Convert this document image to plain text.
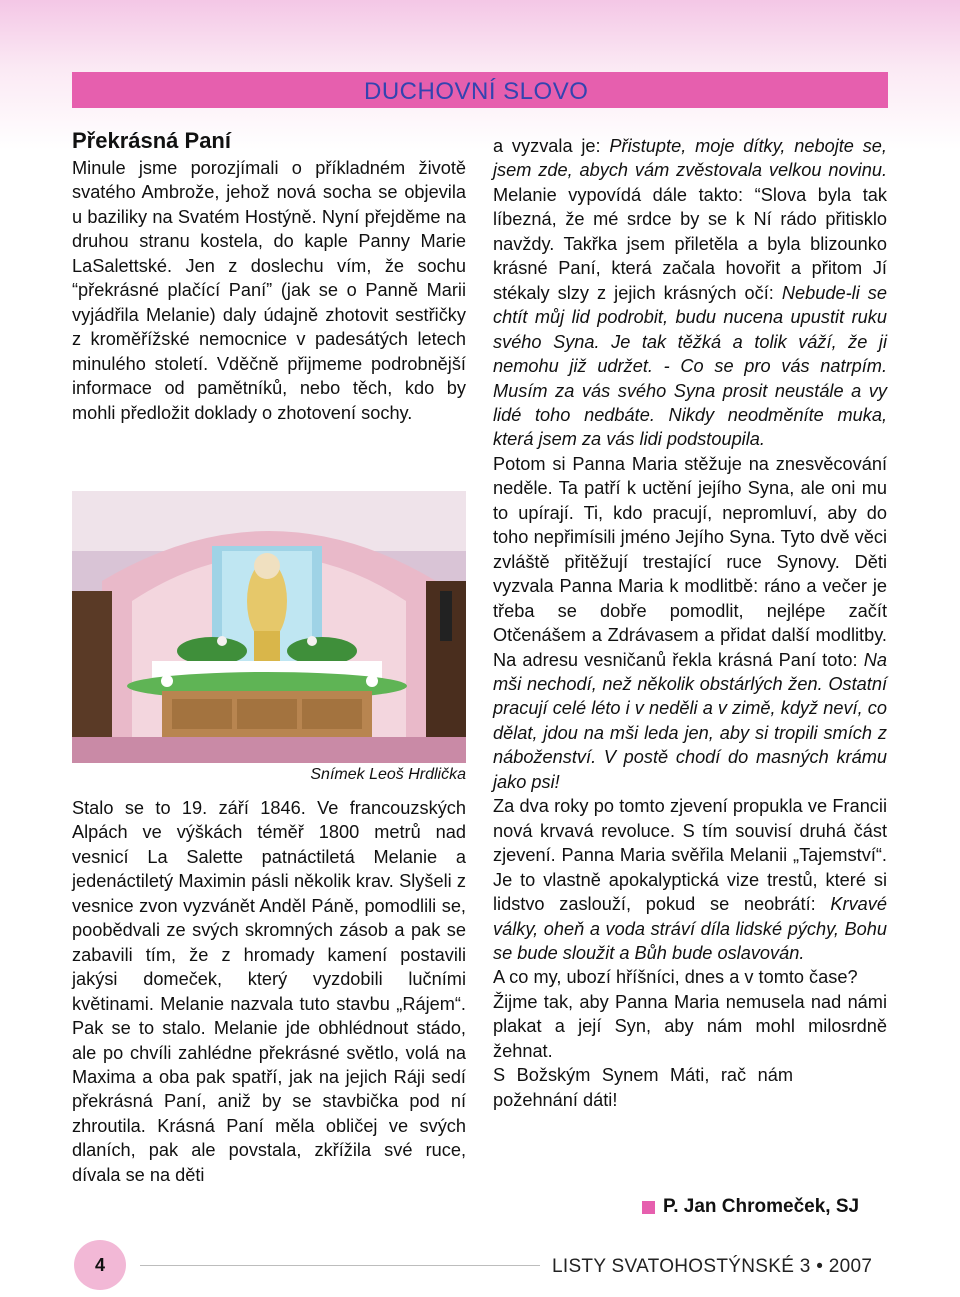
DUCHOVNÍ SLOVO
Překrásná Paní

Minule jsme porozjímali o příkladném životě svatého Ambrože, jehož nová socha se objevila u baziliky na Svatém Hostýně. Nyní přejděme na druhou stranu kostela, do kaple Panny Marie LaSalettské. Jen z doslechu vím, že sochu “překrásné plačící Paní” (jak se o Panně Marii vyjádřila Melanie) daly údajně zhotovit sestřičky z kroměřížské nemocnice v padesátých letech minulého století. Vděčně přijmeme podrobnější informace od pamětníků, nebo těch, kdo by mohli předložit doklady o zhotovení sochy.

Snímek Leoš Hrdlička

Stalo se to 19. září 1846. Ve francouzských Alpách ve výškách téměř 1800 metrů nad vesnicí La Salette patnáctiletá Melanie a jedenáctiletý Maximin pásli několik krav. Slyšeli z vesnice zvon vyzvánět Anděl Páně, pomodlili se, poobědvali ze svých skromných zásob a pak se zabavili tím, že z hromady kamení postavili jakýsi domeček, který vyzdobili lučními květinami. Melanie nazvala tuto stavbu „Rájem“. Pak se to stalo. Melanie jde obhlédnout stádo, ale po chvíli zahlédne překrásné světlo, volá na Maxima a oba pak spatří, jak na jejich Ráji sedí překrásná Paní, aniž by se stavbička pod ní zhroutila. Krásná Paní měla obličej ve svých dlaních, pak ale povstala, zkřížila své ruce, dívala se na děti

a vyzvala je: Přistupte, moje dítky, nebojte se, jsem zde, abych vám zvěstovala velkou novinu. Melanie vypovídá dále takto: “Slova byla tak líbezná, že mé srdce by se k Ní rádo přitisklo navždy. Takřka jsem přiletěla a byla blizounko krásné Paní, která začala hovořit a přitom Jí stékaly slzy z jejich krásných očí: Nebude-li se chtít můj lid podrobit, budu nucena upustit ruku svého Syna. Je tak těžká a tolik váží, že ji nemohu již udržet. - Co se pro vás natrpím. Musím za vás svého Syna prosit neustále a vy lidé toho nedbáte. Nikdy neodměníte muka, která jsem za vás lidi podstoupila.

Potom si Panna Maria stěžuje na znesvěcování neděle. Ta patří k uctění jejího Syna, ale oni mu to upírají. Ti, kdo pracují, nepromluví, aby do toho nepřimísili jméno Jejího Syna. Tyto dvě věci zvláště přitěžují trestající ruce Synovy. Děti vyzvala Panna Maria k modlitbě: ráno a večer je třeba se dobře pomodlit, nejlépe začít Otčenášem a Zdrávasem a přidat další modlitby. Na adresu vesničanů řekla krásná Paní toto: Na mši nechodí, než několik obstárlých žen. Ostatní pracují celé léto i v neděli a v zimě, když neví, co dělat, jdou na mši leda jen, aby si tropili smích z náboženství. V postě chodí do masných krámu jako psi!

Za dva roky po tomto zjevení propukla ve Francii nová krvavá revoluce. S tím souvisí druhá část zjevení. Panna Maria svěřila Melanii „Tajemství“. Je to vlastně apokalyptická vize trestů, které si lidstvo zaslouží, pokud se neobrátí: Krvavé války, oheň a voda stráví díla lidské pýchy, Bohu se bude sloužit a Bůh bude oslavován.

A co my, ubozí hříšníci, dnes a v tomto čase?

Žijme tak, aby Panna Maria nemusela nad námi plakat a její Syn, aby nám mohl milosrdně žehnat.

S Božským Synem Máti, rač nám požehnání dáti!

P. Jan Chromeček, SJ
4	LISTY SVATOHOSTÝNSKÉ 3 • 2007
